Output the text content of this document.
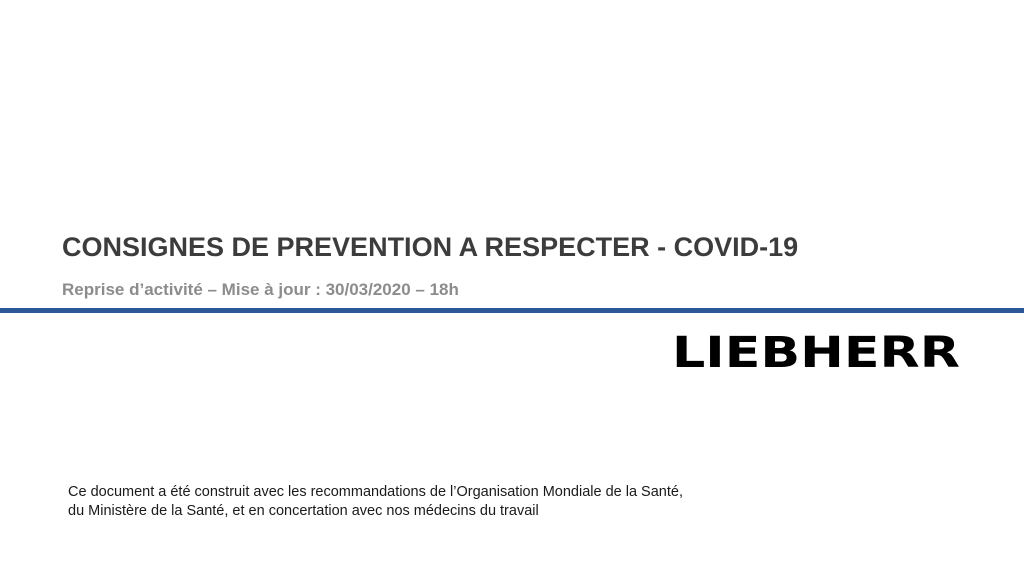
CONSIGNES DE PREVENTION A RESPECTER - COVID-19

Reprise d’activité – Mise à jour : 30/03/2020 – 18h

LIEBHERR

Ce document a été construit avec les recommandations de l’Organisation Mondiale de la Santé,
du Ministère de la Santé, et en concertation avec nos médecins du travail
